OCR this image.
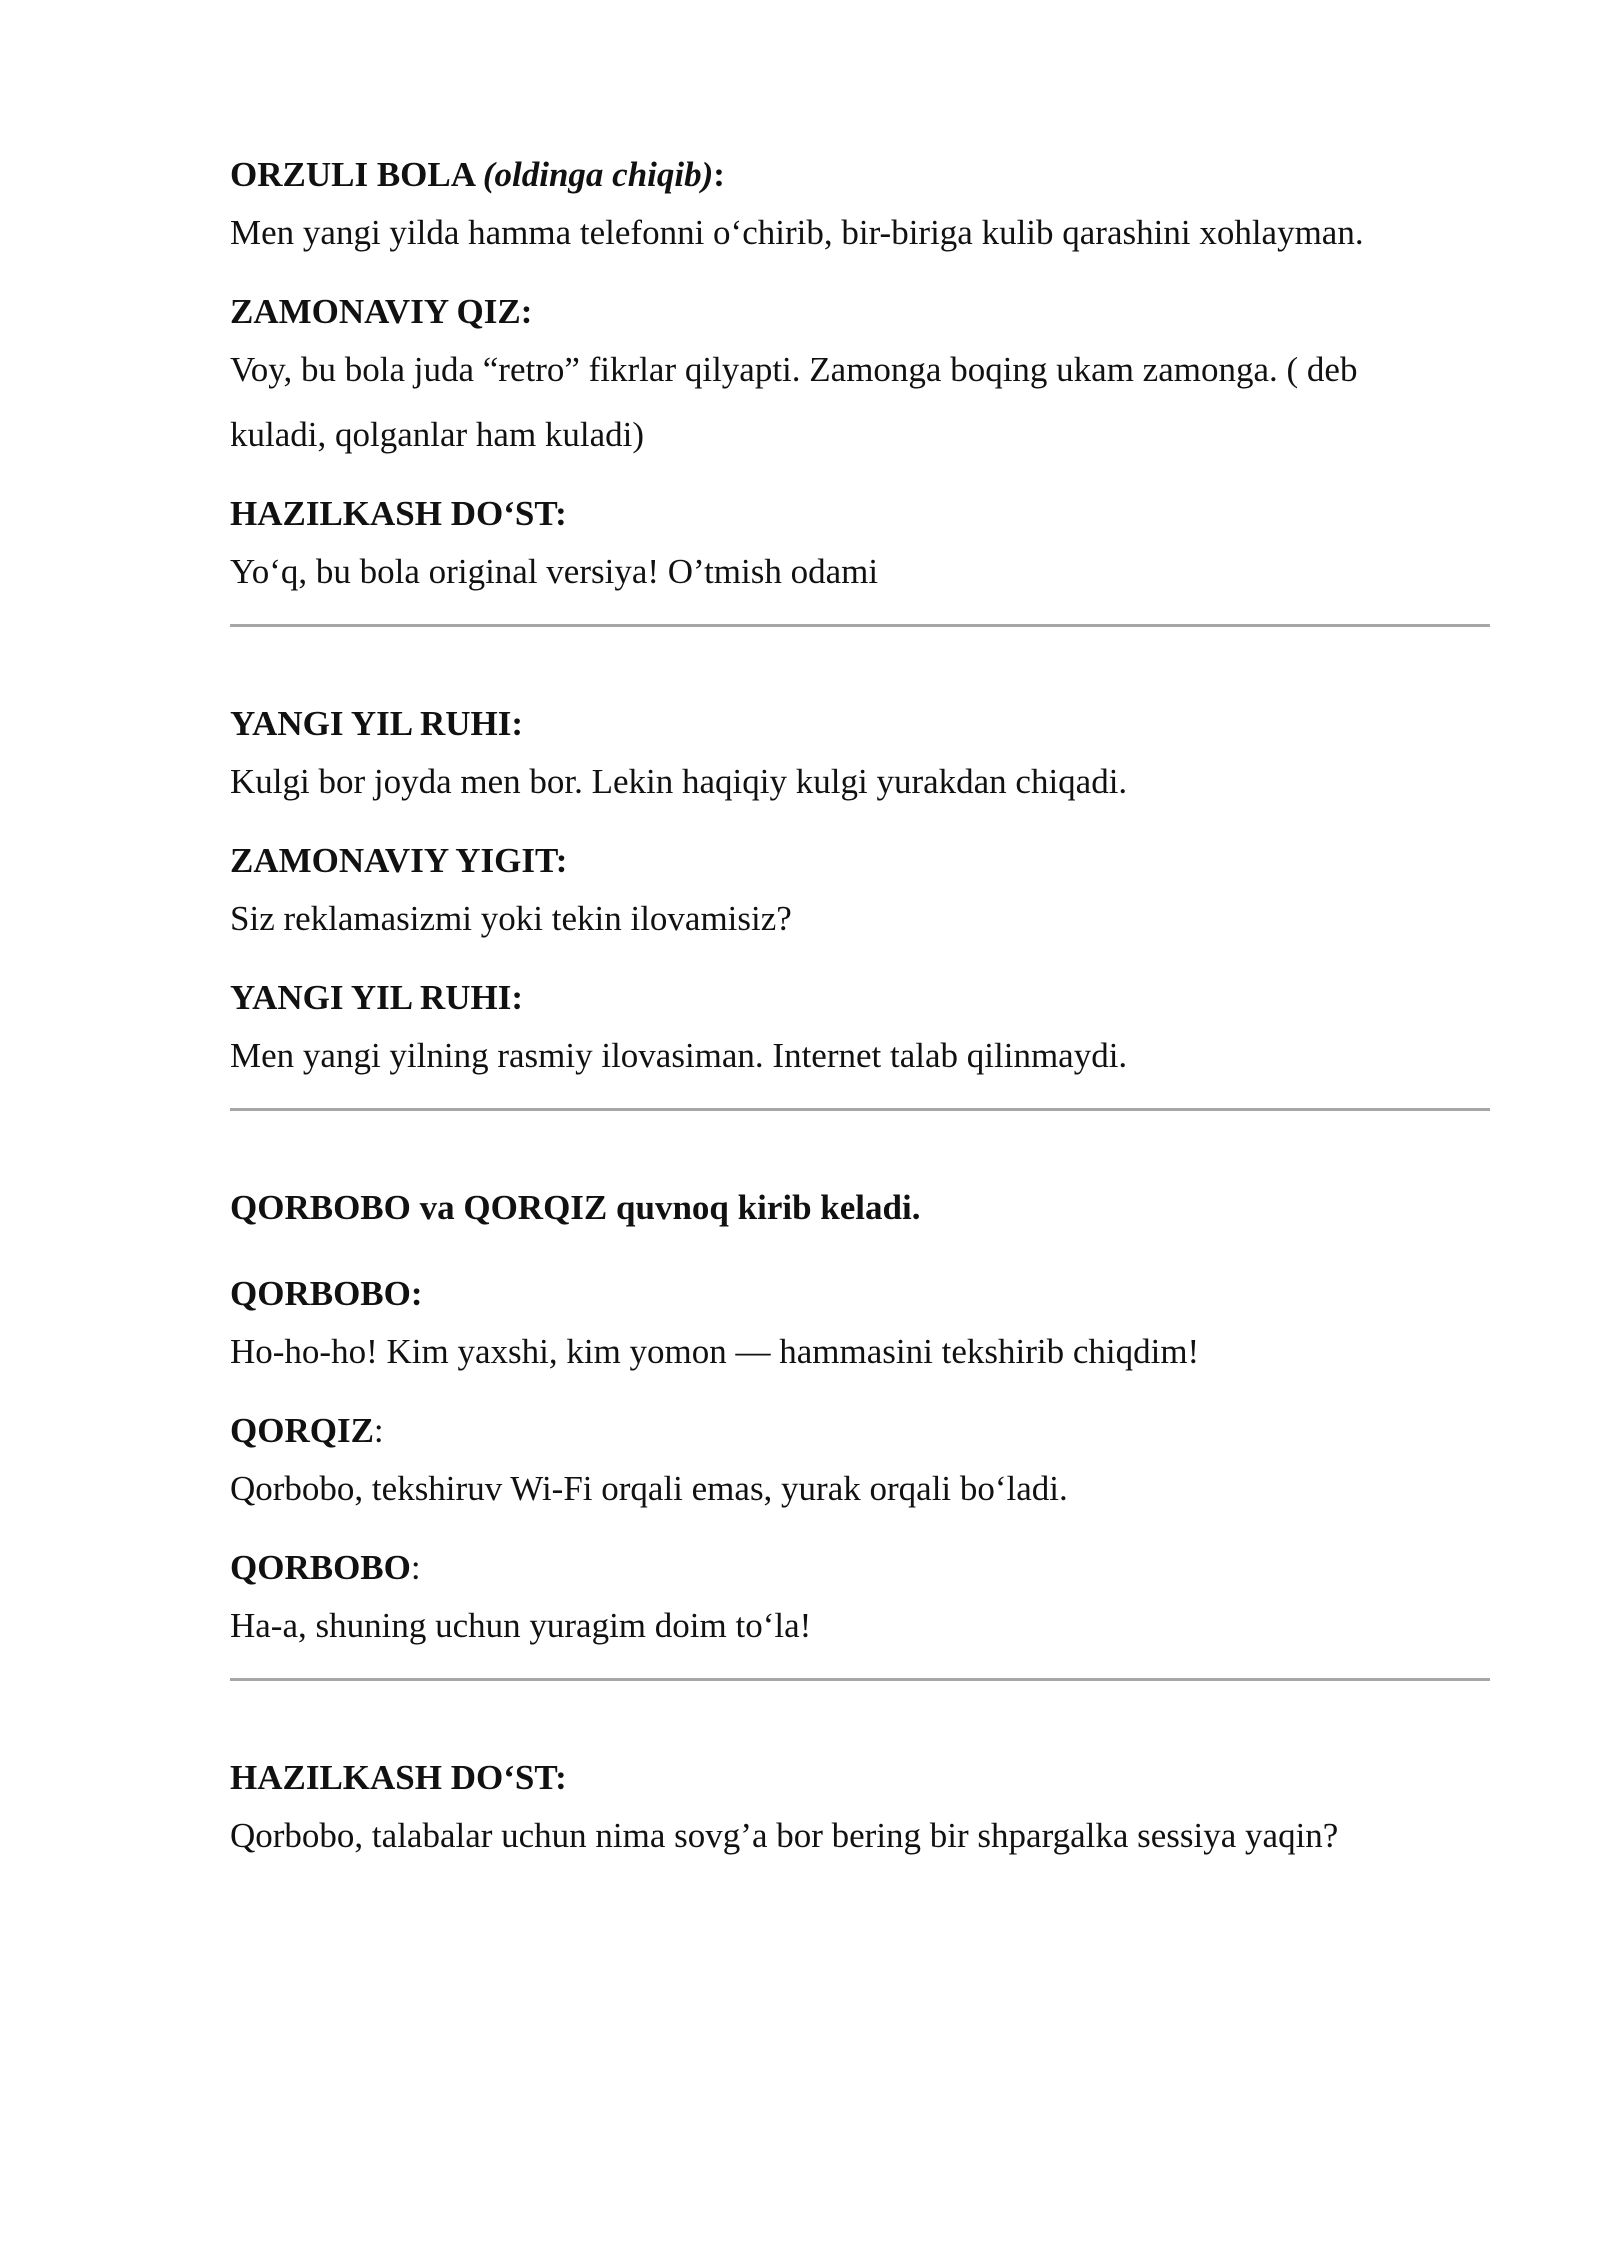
ORZULI BOLA (oldinga chiqib):

Men yangi yilda hamma telefonni o‘chirib, bir-biriga kulib qarashini xohlayman.

ZAMONAVIY QIZ:

Voy, bu bola juda “retro” fikrlar qilyapti. Zamonga boqing ukam zamonga. ( deb

kuladi, qolganlar ham kuladi)

HAZILKASH DO‘ST:

Yo‘q, bu bola original versiya! O’tmish odami

YANGI YIL RUHI:

Kulgi bor joyda men bor. Lekin haqiqiy kulgi yurakdan chiqadi.

ZAMONAVIY YIGIT:

Siz reklamasizmi yoki tekin ilovamisiz?

YANGI YIL RUHI:

Men yangi yilning rasmiy ilovasiman. Internet talab qilinmaydi.

QORBOBO va QORQIZ quvnoq kirib keladi.

QORBOBO:

Ho-ho-ho! Kim yaxshi, kim yomon — hammasini tekshirib chiqdim!

QORQIZ:

Qorbobo, tekshiruv Wi-Fi orqali emas, yurak orqali bo‘ladi.

QORBOBO:

Ha-a, shuning uchun yuragim doim to‘la!

HAZILKASH DO‘ST:

Qorbobo, talabalar uchun nima sovg’a bor bering bir shpargalka sessiya yaqin?
